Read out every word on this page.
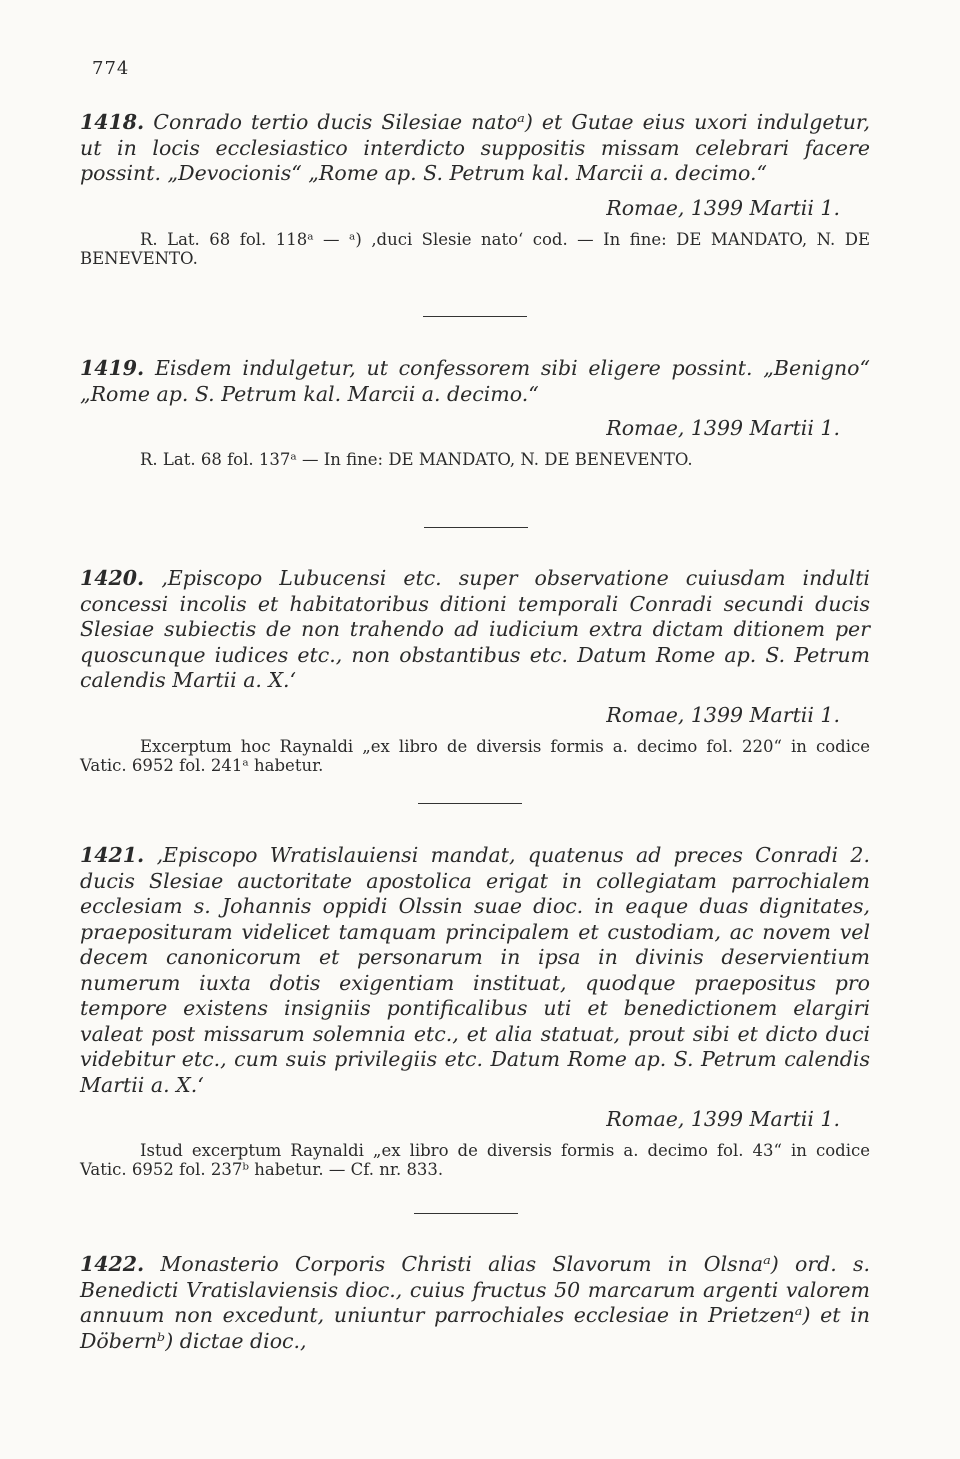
774
1418. Conrado tertio ducis Silesiae natoᵃ) et Gutae eius uxori indulgetur, ut in locis ecclesiastico interdicto suppositis missam celebrari facere possint. „Devocionis“ „Rome ap. S. Petrum kal. Marcii a. decimo.“
Romae, 1399 Martii 1.
R. Lat. 68 fol. 118ᵃ — ᵃ) ‚duci Slesie nato‘ cod. — In fine: DE MANDATO, N. DE BENEVENTO.
1419. Eisdem indulgetur, ut confessorem sibi eligere possint. „Benigno“ „Rome ap. S. Petrum kal. Marcii a. decimo.“
Romae, 1399 Martii 1.
R. Lat. 68 fol. 137ᵃ — In fine: DE MANDATO, N. DE BENEVENTO.
1420. ‚Episcopo Lubucensi etc. super observatione cuiusdam indulti concessi incolis et habitatoribus ditioni temporali Conradi secundi ducis Slesiae subiectis de non trahendo ad iudicium extra dictam ditionem per quoscunque iudices etc., non obstantibus etc. Datum Rome ap. S. Petrum calendis Martii a. X.‘
Romae, 1399 Martii 1.
Excerptum hoc Raynaldi „ex libro de diversis formis a. decimo fol. 220“ in codice Vatic. 6952 fol. 241ᵃ habetur.
1421. ‚Episcopo Wratislauiensi mandat, quatenus ad preces Conradi 2. ducis Slesiae auctoritate apostolica erigat in collegiatam parrochialem ecclesiam s. Johannis oppidi Olssin suae dioc. in eaque duas dignitates, praeposituram videlicet tamquam principalem et custodiam, ac novem vel decem canonicorum et personarum in ipsa in divinis deservientium numerum iuxta dotis exigentiam instituat, quodque praepositus pro tempore existens insigniis pontificalibus uti et benedictionem elargiri valeat post missarum solemnia etc., et alia statuat, prout sibi et dicto duci videbitur etc., cum suis privilegiis etc. Datum Rome ap. S. Petrum calendis Martii a. X.‘
Romae, 1399 Martii 1.
Istud excerptum Raynaldi „ex libro de diversis formis a. decimo fol. 43“ in codice Vatic. 6952 fol. 237ᵇ habetur. — Cf. nr. 833.
1422. Monasterio Corporis Christi alias Slavorum in Olsnaᵃ) ord. s. Benedicti Vratislaviensis dioc., cuius fructus 50 marcarum argenti valorem annuum non excedunt, uniuntur parrochiales ecclesiae in Prietzenᵃ) et in Döbernᵇ) dictae dioc.,
